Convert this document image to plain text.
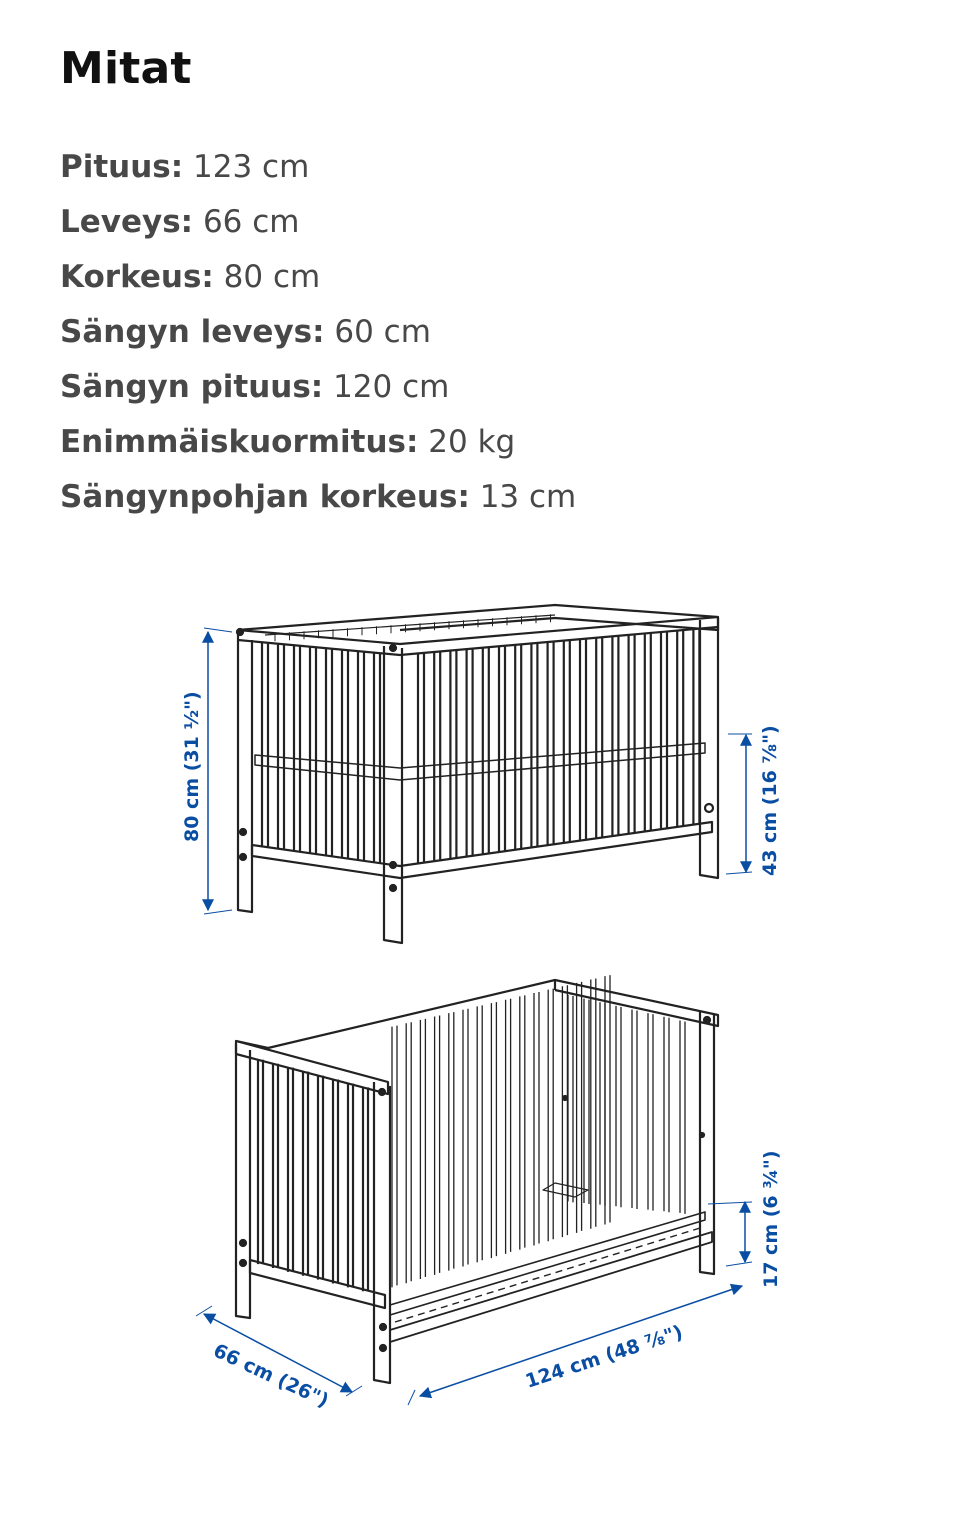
Mitat
Pituus: 123 cm
Leveys: 66 cm
Korkeus: 80 cm
Sängyn leveys: 60 cm
Sängyn pituus: 120 cm
Enimmäiskuormitus: 20 kg
Sängynpohjan korkeus: 13 cm
80 cm (31 ½")	43 cm (16 ⅞")
17 cm (6 ¾")
124 cm (48 ⅞")
66 cm (26")
